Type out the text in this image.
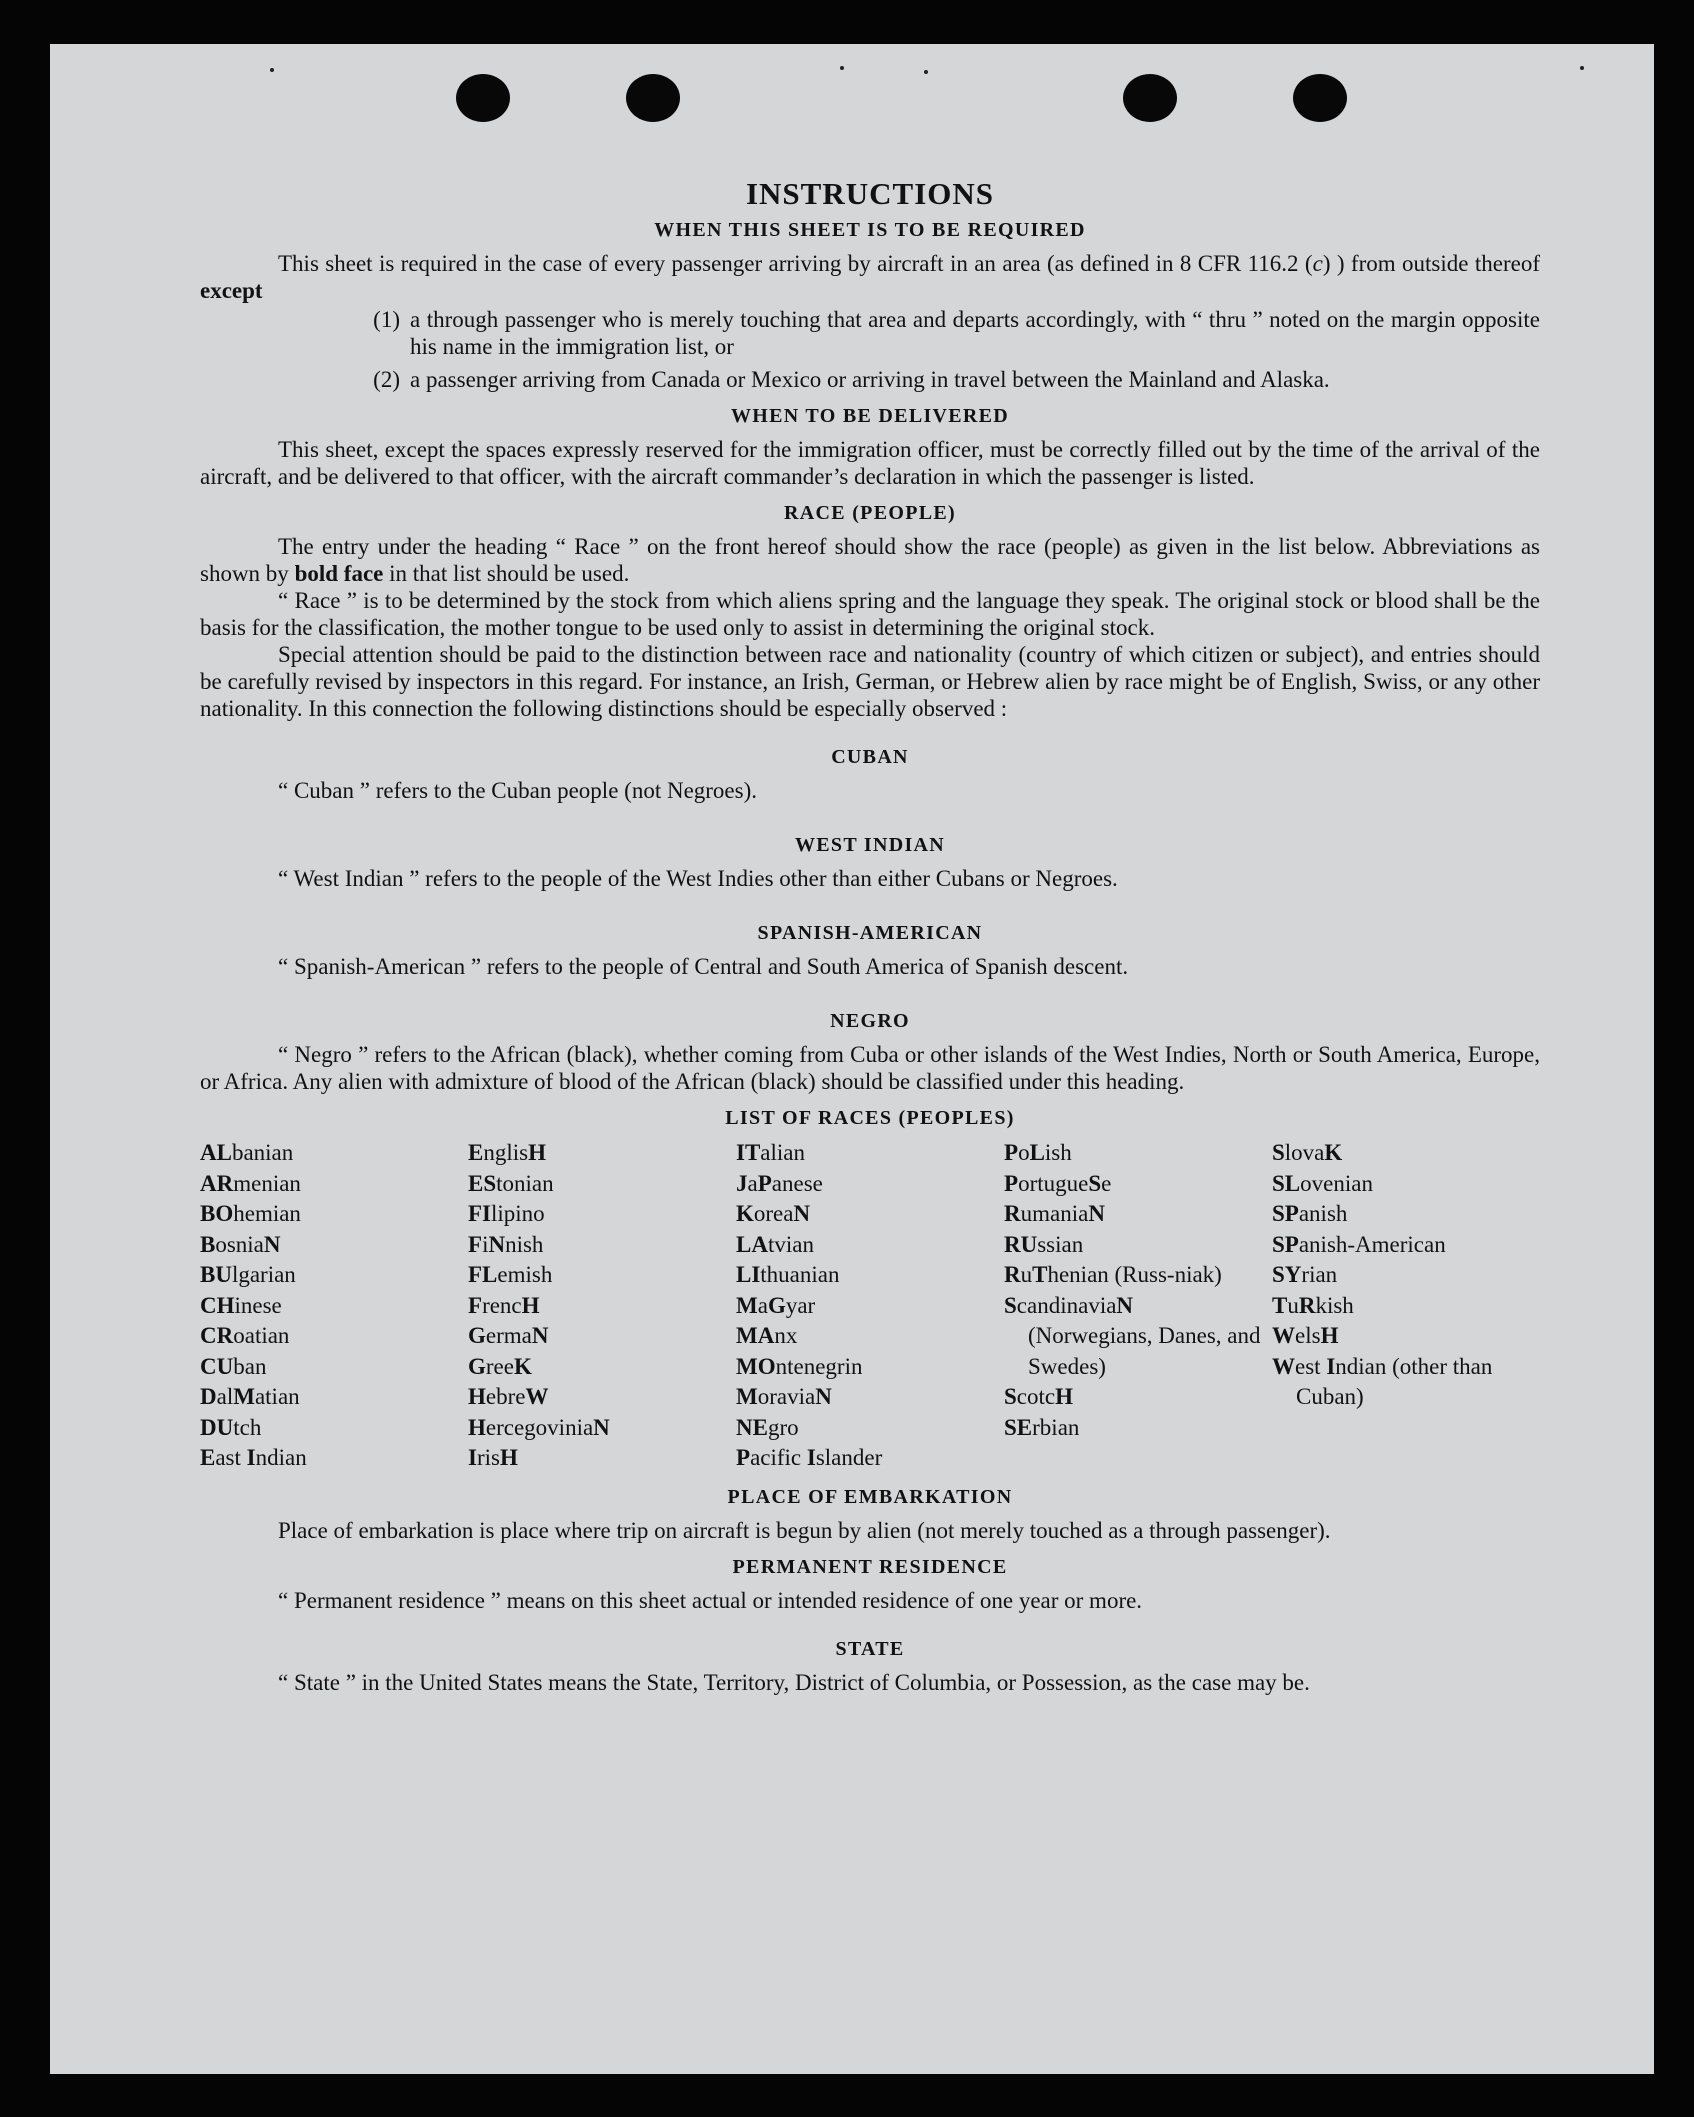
INSTRUCTIONS
WHEN THIS SHEET IS TO BE REQUIRED

This sheet is required in the case of every passenger arriving by aircraft in an area (as defined in 8 CFR 116.2 (c) ) from outside thereof except

(1) a through passenger who is merely touching that area and departs accordingly, with “ thru ” noted on the margin opposite his name in the immigration list, or
(2) a passenger arriving from Canada or Mexico or arriving in travel between the Mainland and Alaska.
WHEN TO BE DELIVERED

This sheet, except the spaces expressly reserved for the immigration officer, must be correctly filled out by the time of the arrival of the aircraft, and be delivered to that officer, with the aircraft commander’s declaration in which the passenger is listed.

RACE (PEOPLE)

The entry under the heading “ Race ” on the front hereof should show the race (people) as given in the list below. Abbreviations as shown by bold face in that list should be used.

“ Race ” is to be determined by the stock from which aliens spring and the language they speak. The original stock or blood shall be the basis for the classification, the mother tongue to be used only to assist in determining the original stock.

Special attention should be paid to the distinction between race and nationality (country of which citizen or subject), and entries should be carefully revised by inspectors in this regard. For instance, an Irish, German, or Hebrew alien by race might be of English, Swiss, or any other nationality. In this connection the following distinctions should be especially observed :

CUBAN

“ Cuban ” refers to the Cuban people (not Negroes).

WEST INDIAN

“ West Indian ” refers to the people of the West Indies other than either Cubans or Negroes.

SPANISH-AMERICAN

“ Spanish-American ” refers to the people of Central and South America of Spanish descent.

NEGRO

“ Negro ” refers to the African (black), whether coming from Cuba or other islands of the West Indies, North or South America, Europe, or Africa. Any alien with admixture of blood of the African (black) should be classified under this heading.

LIST OF RACES (PEOPLES)
ALbanian
ARmenian
BOhemian
BosniaN
BUlgarian
CHinese
CRoatian
CUban
DalMatian
DUtch
East Indian
EnglisH
EStonian
FIlipino
FiNnish
FLemish
FrencH
GermaN
GreeK
HebreW
HercegoviniaN
IrisH
ITalian
JaPanese
KoreaN
LAtvian
LIthuanian
MaGyar
MAnx
MOntenegrin
MoraviaN
NEgro
Pacific Islander
PoLish
PortugueSe
RumaniaN
RUssian
RuThenian (Russ-niak)
ScandinaviaN (Norwegians, Danes, and Swedes)
ScotcH
SErbian
SlovaK
SLovenian
SPanish
SPanish-American
SYrian
TuRkish
WelsH
West Indian (other than Cuban)
PLACE OF EMBARKATION

Place of embarkation is place where trip on aircraft is begun by alien (not merely touched as a through passenger).

PERMANENT RESIDENCE

“ Permanent residence ” means on this sheet actual or intended residence of one year or more.

STATE

“ State ” in the United States means the State, Territory, District of Columbia, or Possession, as the case may be.
